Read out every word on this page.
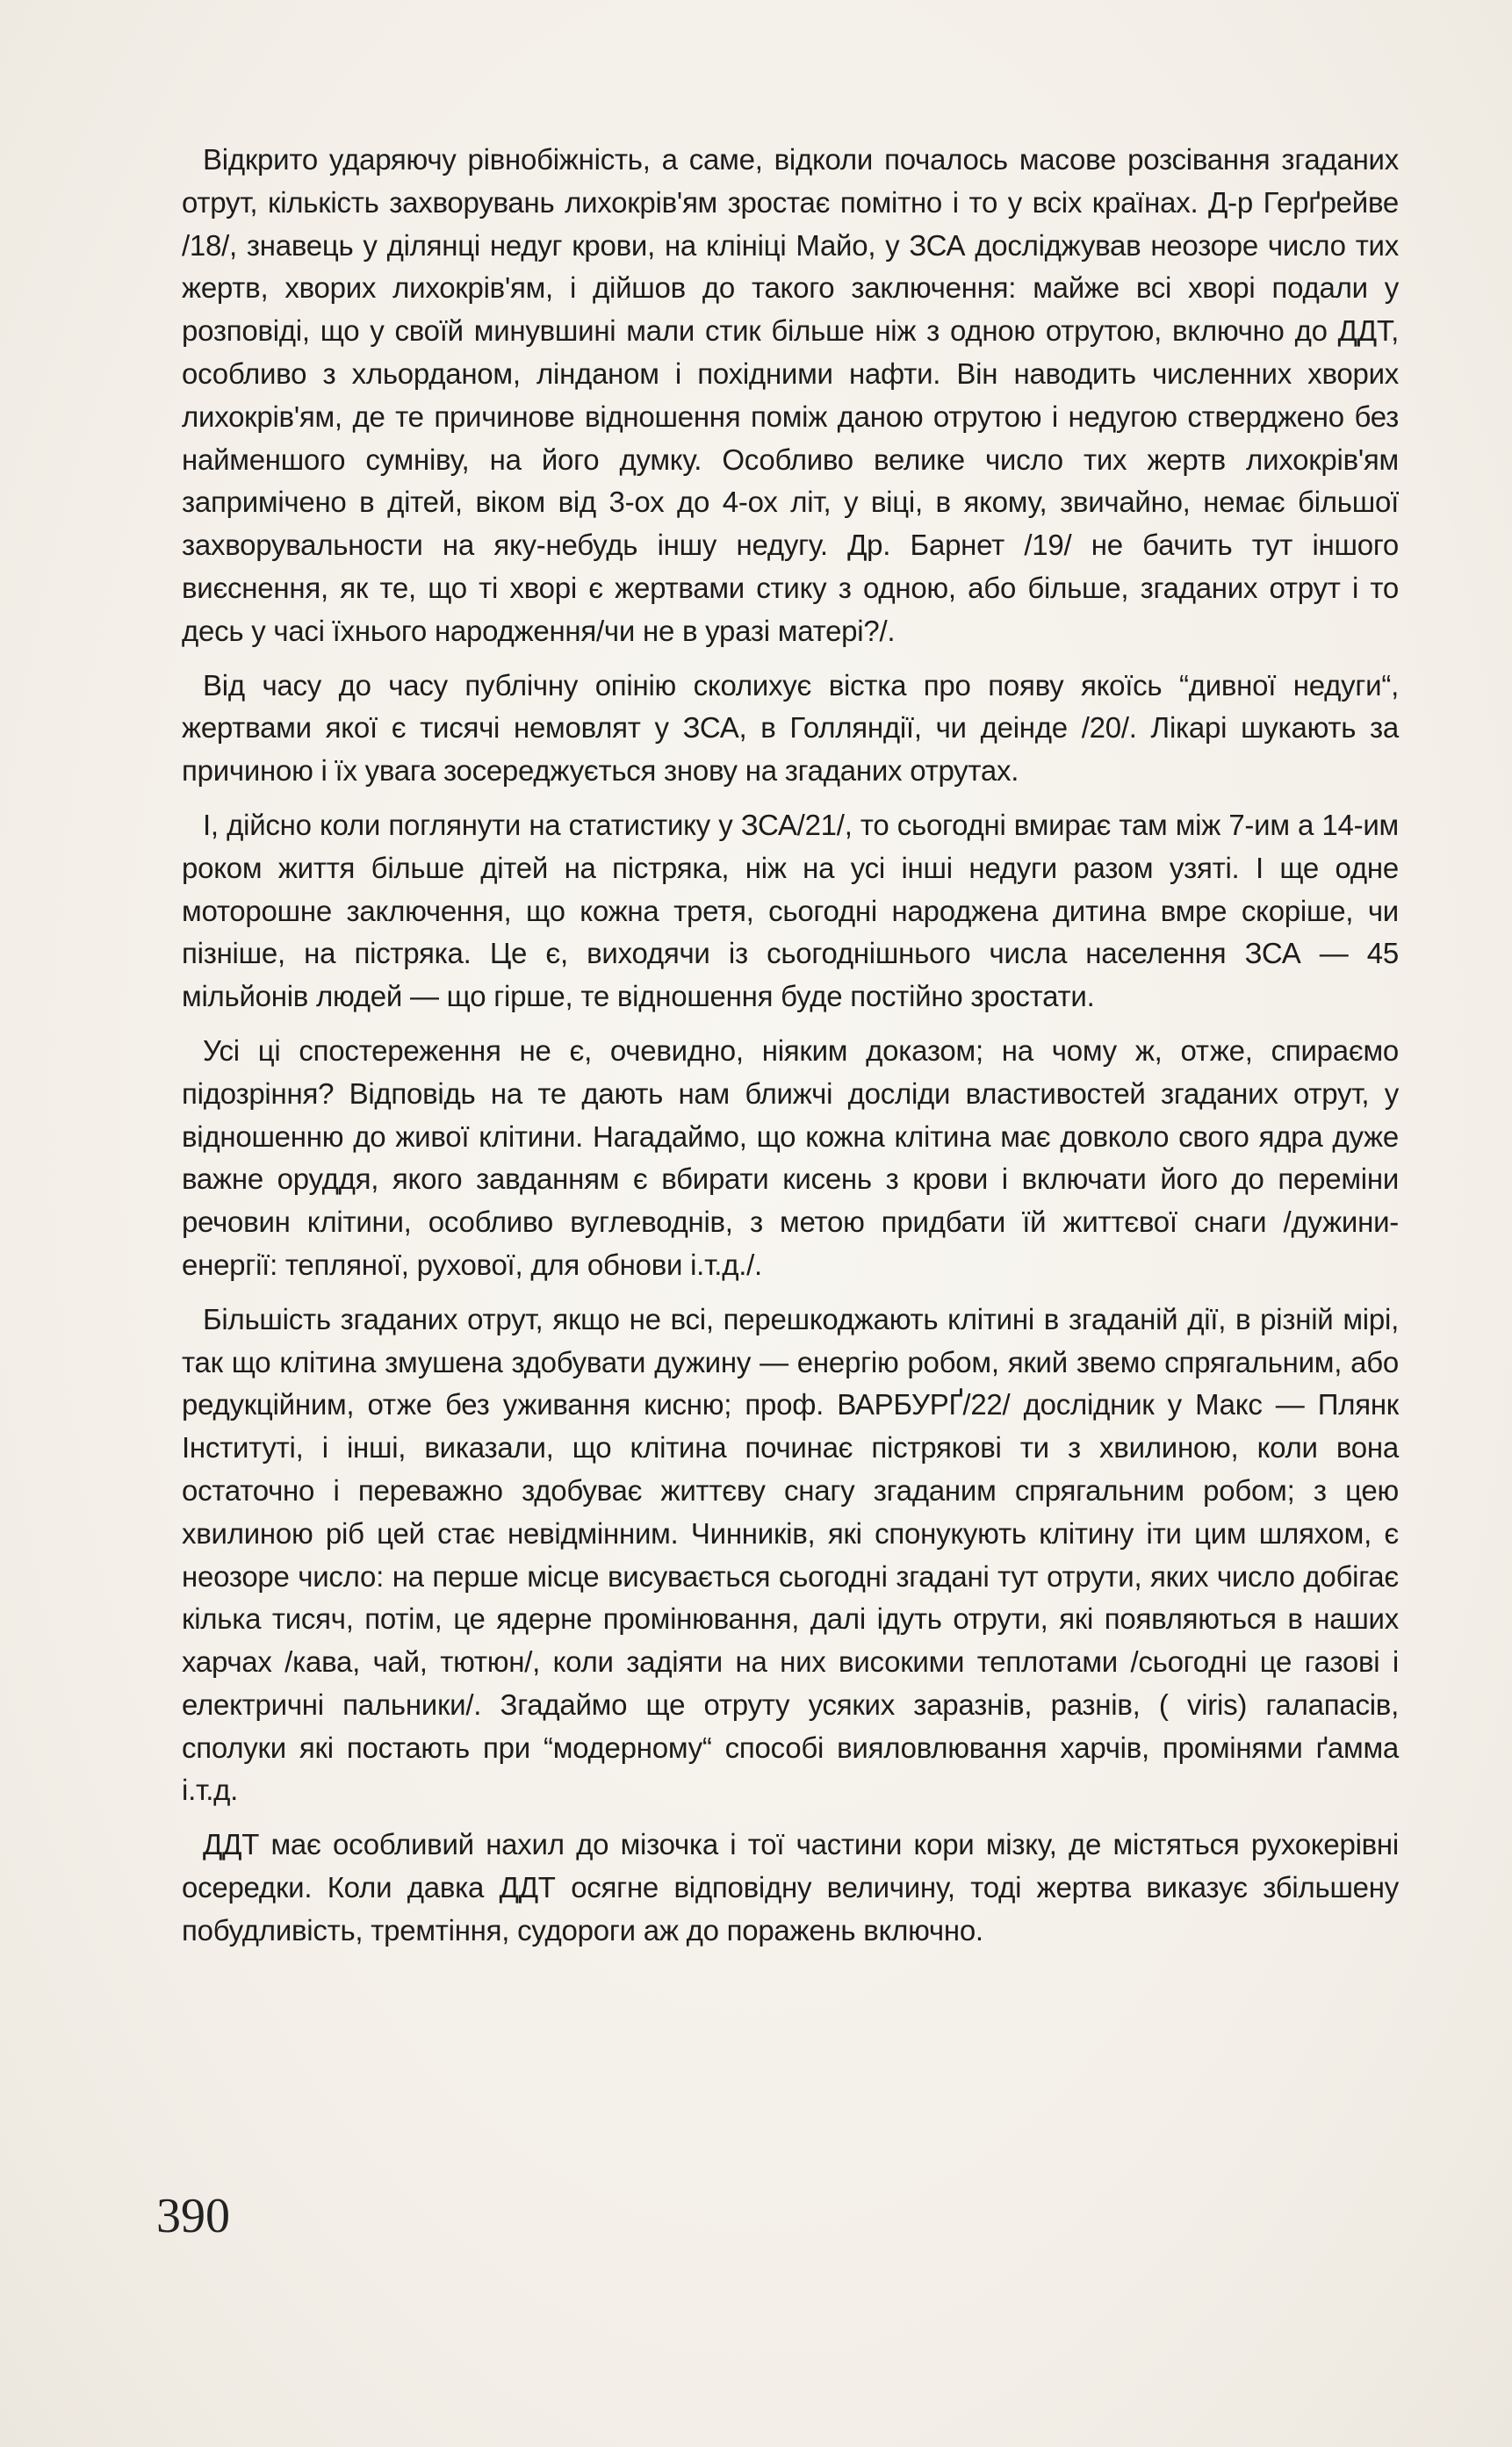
Відкрито ударяючу рівнобіжність, а саме, відколи почалось масове розсівання згаданих отрут, кількість захворувань лихокрів'ям зростає помітно і то у всіх країнах. Д-р Герґрейве /18/, знавець у ділянці недуг крови, на клініці Майо, у ЗСА досліджував неозоре число тих жертв, хворих лихокрів'ям, і дійшов до такого заключення: майже всі хворі подали у розповіді, що у своїй минувшині мали стик більше ніж з одною отрутою, включно до ДДТ, особливо з хльорданом, лінданом і похідними нафти. Він наводить численних хворих лихокрів'ям, де те причинове відношення поміж даною отрутою і недугою стверджено без найменшого сумніву, на його думку. Особливо велике число тих жертв лихокрів'ям запримічено в дітей, віком від 3-ох до 4-ох літ, у віці, в якому, звичайно, немає більшої захворувальности на яку-небудь іншу недугу. Др. Барнет /19/ не бачить тут іншого виєснення, як те, що ті хворі є жертвами стику з одною, або більше, згаданих отрут і то десь у часі їхнього народження/чи не в уразі матері?/.

Від часу до часу публічну опінію сколихує вістка про появу якоїсь “дивної недуги“, жертвами якої є тисячі немовлят у ЗСА, в Голляндії, чи деінде /20/. Лікарі шукають за причиною і їх увага зосереджується знову на згаданих отрутах.

І, дійсно коли поглянути на статистику у ЗСА/21/, то сьогодні вмирає там між 7-им а 14-им роком життя більше дітей на пістряка, ніж на усі інші недуги разом узяті. І ще одне моторошне заключення, що кожна третя, сьогодні народжена дитина вмре скоріше, чи пізніше, на пістряка. Це є, виходячи із сьогоднішнього числа населення ЗСА — 45 мільйонів людей — що гірше, те відношення буде постійно зростати.

Усі ці спостереження не є, очевидно, ніяким доказом; на чому ж, отже, спираємо підозріння? Відповідь на те дають нам ближчі досліди властивостей згаданих отрут, у відношенню до живої клітини. Нагадаймо, що кожна клітина має довколо свого ядра дуже важне оруддя, якого завданням є вбирати кисень з крови і включати його до переміни речовин клітини, особливо вуглеводнів, з метою придбати їй життєвої снаги /дужини-енергії: тепляної, рухової, для обнови і.т.д./.

Більшість згаданих отрут, якщо не всі, перешкоджають клітині в згаданій дії, в різній мірі, так що клітина змушена здобувати дужину — енергію робом, який звемо спрягальним, або редукційним, отже без уживання кисню; проф. ВАРБУРҐ/22/ дослідник у Макс — Плянк Інституті, і інші, виказали, що клітина починає пістрякові ти з хвилиною, коли вона остаточно і переважно здобуває життєву снагу згаданим спрягальним робом; з цею хвилиною ріб цей стає невідмінним. Чинників, які спонукують клітину іти цим шляхом, є неозоре число: на перше місце висувається сьогодні згадані тут отрути, яких число добігає кілька тисяч, потім, це ядерне промінювання, далі ідуть отрути, які появляються в наших харчах /кава, чай, тютюн/, коли задіяти на них високими теплотами /сьогодні це газові і електричні пальники/. Згадаймо ще отруту усяких заразнів, разнів, ( virіs) галапасів, сполуки які постають при “модерному“ способі вияловлювання харчів, промінями ґамма і.т.д.

ДДТ має особливий нахил до мізочка і тої частини кори мізку, де містяться рухокерівні осередки. Коли давка ДДТ осягне відповідну величину, тоді жертва виказує збільшену побудливість, тремтіння, судороги аж до поражень включно.

390
